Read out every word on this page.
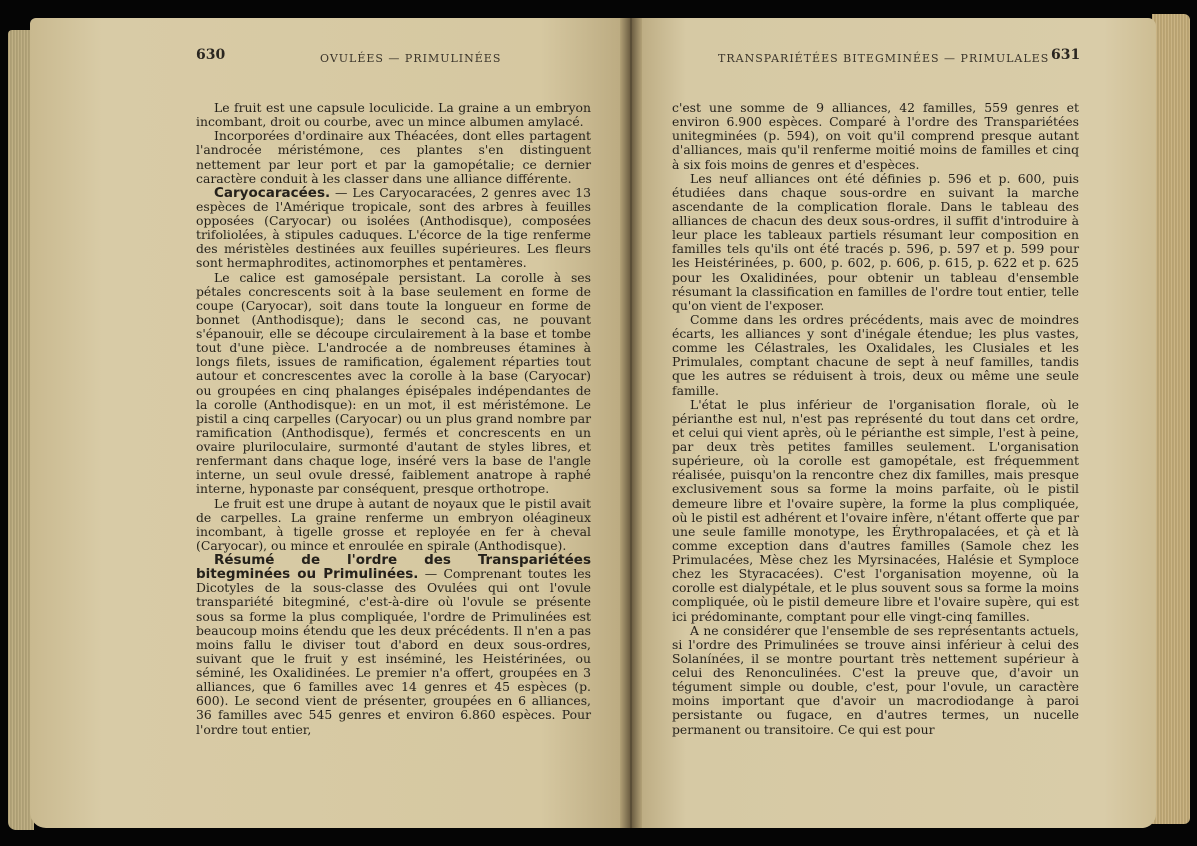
630	OVULÉES — PRIMULINÉES

Le fruit est une capsule loculicide. La graine a un embryon incombant, droit ou courbe, avec un mince albumen amylacé.

Incorporées d'ordinaire aux Théacées, dont elles partagent l'androcée méristémone, ces plantes s'en distinguent nettement par leur port et par la gamopétalie; ce dernier caractère conduit à les classer dans une alliance différente.

Caryocaracées. — Les Caryocaracées, 2 genres avec 13 espèces de l'Amérique tropicale, sont des arbres à feuilles opposées (Caryocar) ou isolées (Anthodisque), composées trifoliolées, à stipules caduques. L'écorce de la tige renferme des méristèles destinées aux feuilles supérieures. Les fleurs sont hermaphrodites, actinomorphes et pentamères.

Le calice est gamosépale persistant. La corolle à ses pétales concrescents soit à la base seulement en forme de coupe (Caryocar), soit dans toute la longueur en forme de bonnet (Anthodisque); dans le second cas, ne pouvant s'épanouir, elle se découpe circulairement à la base et tombe tout d'une pièce. L'androcée a de nombreuses étamines à longs filets, issues de ramification, également réparties tout autour et concrescentes avec la corolle à la base (Caryocar) ou groupées en cinq phalanges épisépales indépendantes de la corolle (Anthodisque): en un mot, il est méristémone. Le pistil a cinq carpelles (Caryocar) ou un plus grand nombre par ramification (Anthodisque), fermés et concrescents en un ovaire pluriloculaire, surmonté d'autant de styles libres, et renfermant dans chaque loge, inséré vers la base de l'angle interne, un seul ovule dressé, faiblement anatrope à raphé interne, hyponaste par conséquent, presque orthotrope.

Le fruit est une drupe à autant de noyaux que le pistil avait de carpelles. La graine renferme un embryon oléagineux incombant, à tigelle grosse et reployée en fer à cheval (Caryocar), ou mince et enroulée en spirale (Anthodisque).

Résumé de l'ordre des Transpariétées bitegminées ou Primulinées. — Comprenant toutes les Dicotyles de la sous-classe des Ovulées qui ont l'ovule transpariété bitegminé, c'est-à-dire où l'ovule se présente sous sa forme la plus compliquée, l'ordre de Primulinées est beaucoup moins étendu que les deux précédents. Il n'en a pas moins fallu le diviser tout d'abord en deux sous-ordres, suivant que le fruit y est inséminé, les Heistérinées, ou séminé, les Oxalidinées. Le premier n'a offert, groupées en 3 alliances, que 6 familles avec 14 genres et 45 espèces (p. 600). Le second vient de présenter, groupées en 6 alliances, 36 familles avec 545 genres et environ 6.860 espèces. Pour l'ordre tout entier,

TRANSPARIÉTÉES BITEGMINÉES — PRIMULALES 631

c'est une somme de 9 alliances, 42 familles, 559 genres et environ 6.900 espèces. Comparé à l'ordre des Transpariétées unitegminées (p. 594), on voit qu'il comprend presque autant d'alliances, mais qu'il renferme moitié moins de familles et cinq à six fois moins de genres et d'espèces.

Les neuf alliances ont été définies p. 596 et p. 600, puis étudiées dans chaque sous-ordre en suivant la marche ascendante de la complication florale. Dans le tableau des alliances de chacun des deux sous-ordres, il suffit d'introduire à leur place les tableaux partiels résumant leur composition en familles tels qu'ils ont été tracés p. 596, p. 597 et p. 599 pour les Heistérinées, p. 600, p. 602, p. 606, p. 615, p. 622 et p. 625 pour les Oxalidinées, pour obtenir un tableau d'ensemble résumant la classification en familles de l'ordre tout entier, telle qu'on vient de l'exposer.

Comme dans les ordres précédents, mais avec de moindres écarts, les alliances y sont d'inégale étendue; les plus vastes, comme les Célastrales, les Oxalidales, les Clusiales et les Primulales, comptant chacune de sept à neuf familles, tandis que les autres se réduisent à trois, deux ou même une seule famille.

L'état le plus inférieur de l'organisation florale, où le périanthe est nul, n'est pas représenté du tout dans cet ordre, et celui qui vient après, où le périanthe est simple, l'est à peine, par deux très petites familles seulement. L'organisation supérieure, où la corolle est gamopétale, est fréquemment réalisée, puisqu'on la rencontre chez dix familles, mais presque exclusivement sous sa forme la moins parfaite, où le pistil demeure libre et l'ovaire supère, la forme la plus compliquée, où le pistil est adhérent et l'ovaire infère, n'étant offerte que par une seule famille monotype, les Érythropalacées, et çà et là comme exception dans d'autres familles (Samole chez les Primulacées, Mèse chez les Myrsinacées, Halésie et Symploce chez les Styracacées). C'est l'organisation moyenne, où la corolle est dialypétale, et le plus souvent sous sa forme la moins compliquée, où le pistil demeure libre et l'ovaire supère, qui est ici prédominante, comptant pour elle vingt-cinq familles.

A ne considérer que l'ensemble de ses représentants actuels, si l'ordre des Primulinées se trouve ainsi inférieur à celui des Solanínées, il se montre pourtant très nettement supérieur à celui des Renonculinées. C'est la preuve que, d'avoir un tégument simple ou double, c'est, pour l'ovule, un caractère moins important que d'avoir un macrodiodange à paroi persistante ou fugace, en d'autres termes, un nucelle permanent ou transitoire. Ce qui est pour
